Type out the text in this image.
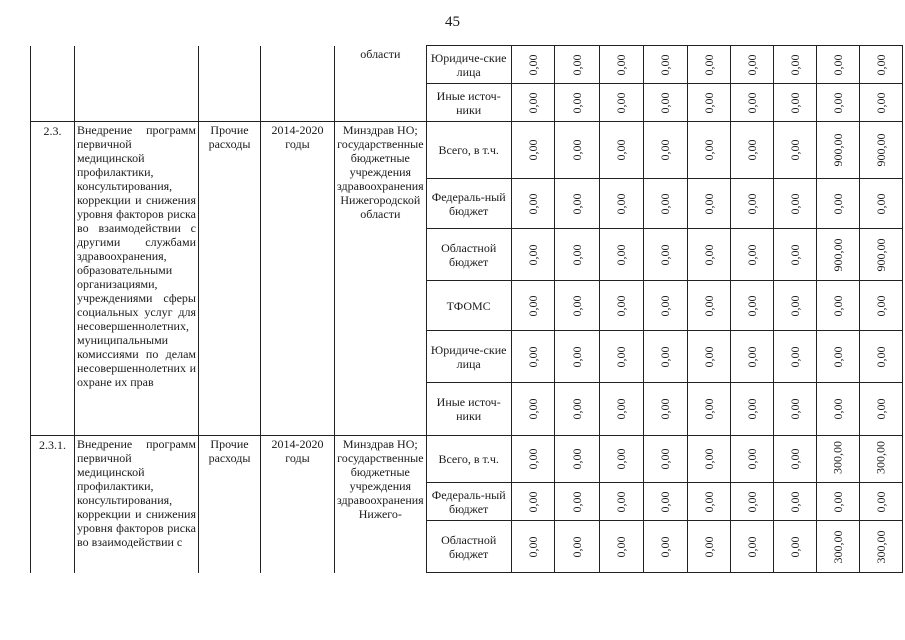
45
				области	Юридиче-ские лица	0,00	0,00	0,00	0,00	0,00	0,00	0,00	0,00	0,00

					Иные источ-ники	0,00	0,00	0,00	0,00	0,00	0,00	0,00	0,00	0,00

2.3.	Внедрение программ первичной медицинской профилактики, консультирования, коррекции и снижения уровня факторов риска во взаимодействии с другими службами здравоохранения, образовательными организациями, учреждениями сферы социальных услуг для несовершеннолетних, муниципальными комиссиями по делам несовершеннолетних и охране их прав	Прочие расходы	2014-2020 годы	Минздрав НО; государственные бюджетные учреждения здравоохранения Нижегородской области	Всего, в т.ч.	0,00	0,00	0,00	0,00	0,00	0,00	0,00	900,00	900,00

					Федераль-ный бюджет	0,00	0,00	0,00	0,00	0,00	0,00	0,00	0,00	0,00

					Областной бюджет	0,00	0,00	0,00	0,00	0,00	0,00	0,00	900,00	900,00

					ТФОМС	0,00	0,00	0,00	0,00	0,00	0,00	0,00	0,00	0,00

					Юридиче-ские лица	0,00	0,00	0,00	0,00	0,00	0,00	0,00	0,00	0,00

					Иные источ-ники	0,00	0,00	0,00	0,00	0,00	0,00	0,00	0,00	0,00

2.3.1.	Внедрение программ первичной медицинской профилактики, консультирования, коррекции и снижения уровня факторов риска во взаимодействии с	Прочие расходы	2014-2020 годы	Минздрав НО; государственные бюджетные учреждения здравоохранения Нижего-	Всего, в т.ч.	0,00	0,00	0,00	0,00	0,00	0,00	0,00	300,00	300,00

					Федераль-ный бюджет	0,00	0,00	0,00	0,00	0,00	0,00	0,00	0,00	0,00

					Областной бюджет	0,00	0,00	0,00	0,00	0,00	0,00	0,00	300,00	300,00
